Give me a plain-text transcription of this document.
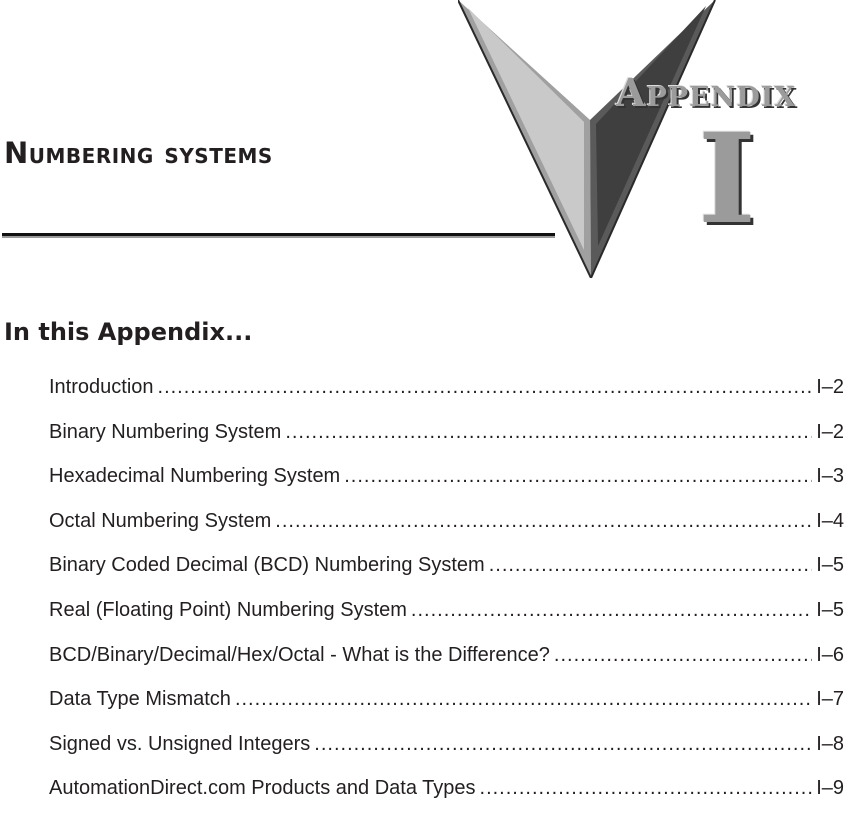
Numbering systems
Appendix
I
In this Appendix...
Introduction .....	I–2
Binary Numbering System .....	I–2
Hexadecimal Numbering System .....	I–3
Octal Numbering System .....	I–4
Binary Coded Decimal (BCD) Numbering System .....	I–5
Real (Floating Point) Numbering System .....	I–5
BCD/Binary/Decimal/Hex/Octal - What is the Difference? .....	I–6
Data Type Mismatch .....	I–7
Signed vs. Unsigned Integers .....	I–8
AutomationDirect.com Products and Data Types .....	I–9
